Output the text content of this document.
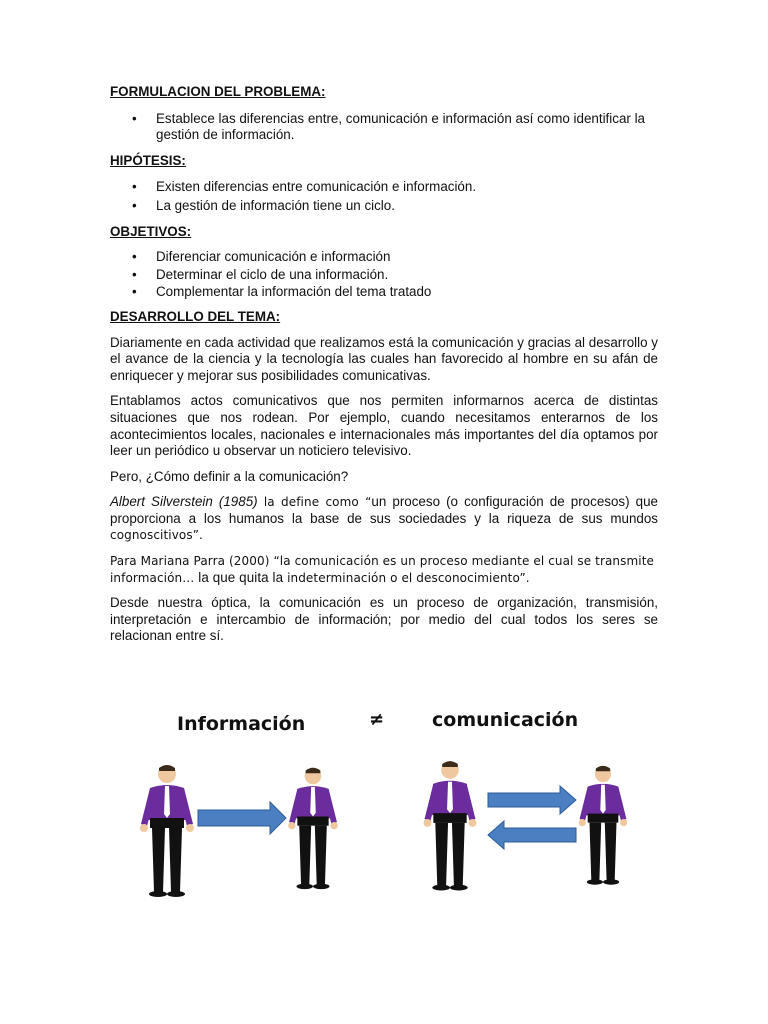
FORMULACION DEL PROBLEMA:
• Establece las diferencias entre, comunicación e información así como identificar la gestión de información.
HIPÓTESIS:
• Existen diferencias entre comunicación e información.
• La gestión de información tiene un ciclo.
OBJETIVOS:
• Diferenciar comunicación e información
• Determinar el ciclo de una información.
• Complementar la información del tema tratado
DESARROLLO DEL TEMA:

Diariamente en cada actividad que realizamos está la comunicación y gracias al desarrollo y el avance de la ciencia y la tecnología las cuales han favorecido al hombre en su afán de enriquecer y mejorar sus posibilidades comunicativas.

Entablamos actos comunicativos que nos permiten informarnos acerca de distintas situaciones que nos rodean. Por ejemplo, cuando necesitamos enterarnos de los acontecimientos locales, nacionales e internacionales más importantes del día optamos por leer un periódico u observar un noticiero televisivo.

Pero, ¿Cómo definir a la comunicación?

Albert Silverstein (1985) la define como “un proceso (o configuración de procesos) que proporciona a los humanos la base de sus sociedades y la riqueza de sus mundos cognoscitivos”.

Para Mariana Parra (2000) “la comunicación es un proceso mediante el cual se transmite información… la que quita la indeterminación o el desconocimiento”.

Desde nuestra óptica, la comunicación es un proceso de organización, transmisión, interpretación e intercambio de información; por medio del cual todos los seres se relacionan entre sí.

Información	≠	comunicación
